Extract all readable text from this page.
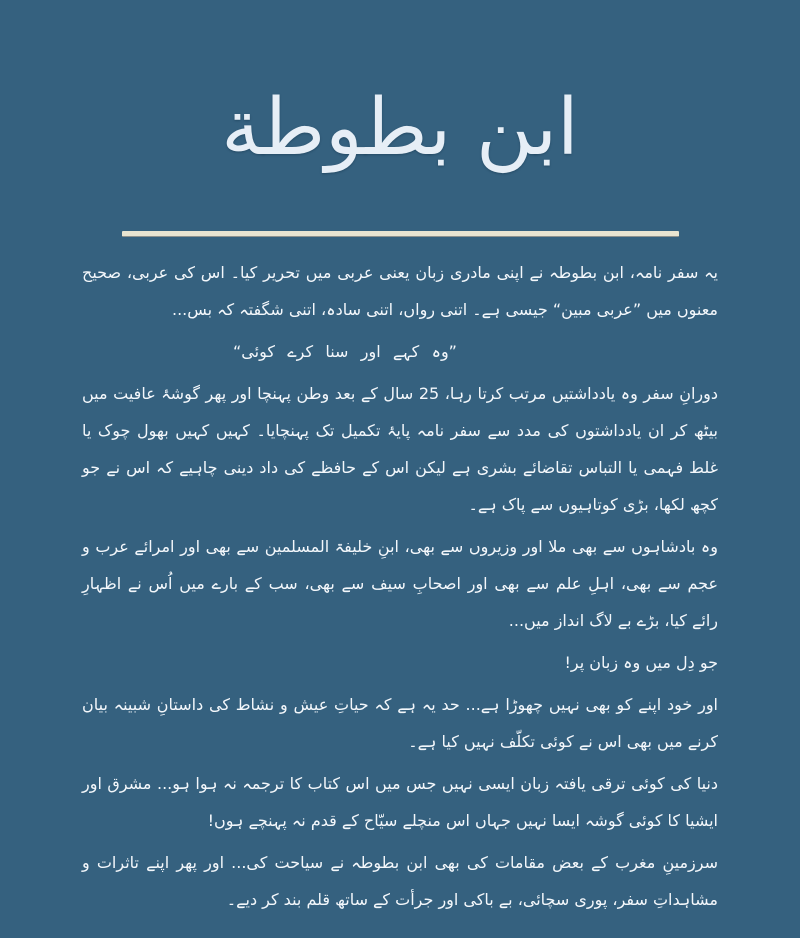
ابن بطوطة

یہ سفر نامہ، ابن بطوطہ نے اپنی مادری زبان یعنی عربی میں تحریر کیا۔ اس کی عربی، صحیح معنوں میں ”عربی مبین“ جیسی ہے۔ اتنی رواں، اتنی سادہ، اتنی شگفتہ کہ بس...

”وہ کہے اور سنا کرے کوئی“

دورانِ سفر وہ یادداشتیں مرتب کرتا رہا، 25 سال کے بعد وطن پہنچا اور پھر گوشۂ عافیت میں بیٹھ کر ان یادداشتوں کی مدد سے سفر نامہ پایۂ تکمیل تک پہنچایا۔ کہیں کہیں بھول چوک یا غلط فہمی یا التباس تقاضائے بشری ہے لیکن اس کے حافظے کی داد دینی چاہیے کہ اس نے جو کچھ لکھا، بڑی کوتاہیوں سے پاک ہے۔

وہ بادشاہوں سے بھی ملا اور وزیروں سے بھی، ابنِ خلیفۃ المسلمین سے بھی اور امرائے عرب و عجم سے بھی، اہلِ علم سے بھی اور اصحابِ سیف سے بھی، سب کے بارے میں اُس نے اظہارِ رائے کیا، بڑے بے لاگ انداز میں...

جو دِل میں وہ زبان پر!

اور خود اپنے کو بھی نہیں چھوڑا ہے... حد یہ ہے کہ حیاتِ عیش و نشاط کی داستانِ شبینہ بیان کرنے میں بھی اس نے کوئی تکلّف نہیں کیا ہے۔

دنیا کی کوئی ترقی یافتہ زبان ایسی نہیں جس میں اس کتاب کا ترجمہ نہ ہوا ہو... مشرق اور ایشیا کا کوئی گوشہ ایسا نہیں جہاں اس منچلے سیّاح کے قدم نہ پہنچے ہوں!

سرزمینِ مغرب کے بعض مقامات کی بھی ابن بطوطہ نے سیاحت کی... اور پھر اپنے تاثرات و مشاہداتِ سفر، پوری سچائی، بے باکی اور جرأت کے ساتھ قلم بند کر دیے۔
